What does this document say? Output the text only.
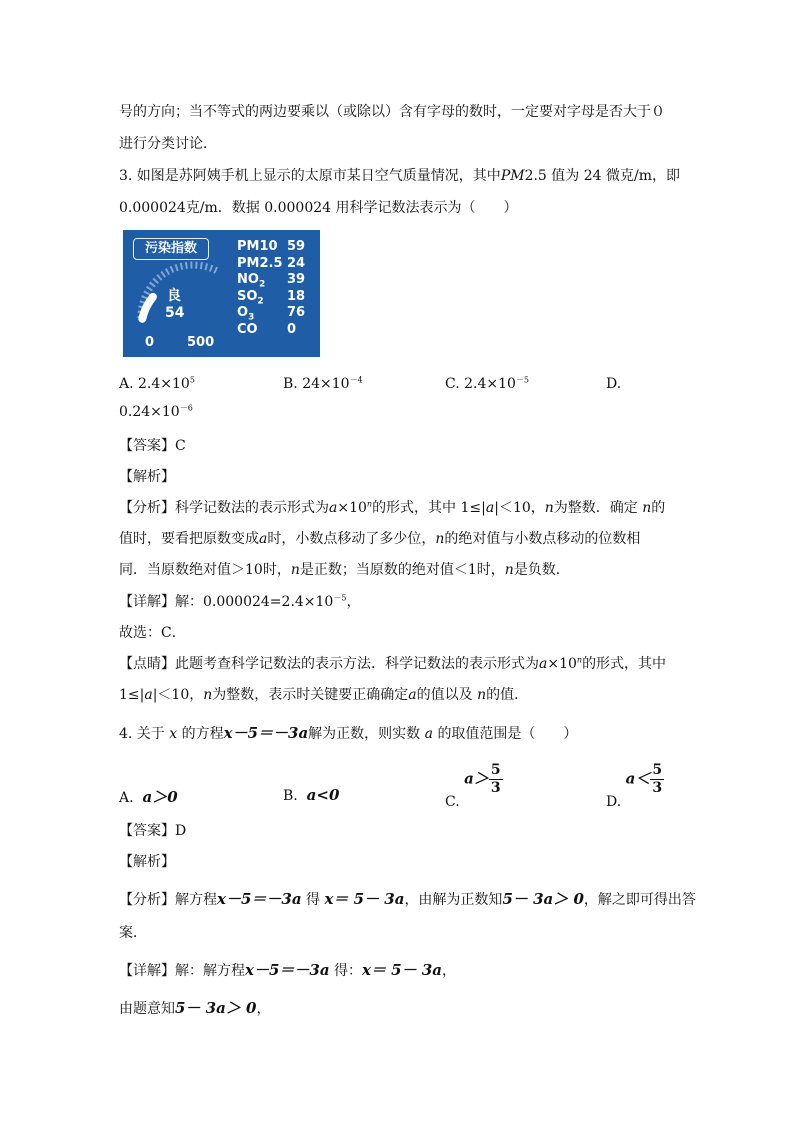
号的方向；当不等式的两边要乘以（或除以）含有字母的数时，一定要对字母是否大于０
进行分类讨论．
3. 如图是苏阿姨手机上显示的太原市某日空气质量情况，其中PM2.5 值为 24 微克/m，即
0.000024克/m．数据 0.000024 用科学记数法表示为（　　）
污染指数
良
54
0	500
PM10 59
PM2.5 24
$NO_2$ 39
$SO_2$ 18
$O_3$	76
CO 0
A. $2.4\times 10^5$	B. $24\times 10^{-4}$	C. $2.4\times 10^{-5}$	D.
$0.24\times 10^{-6}$
【答案】C
【解析】
【分析】科学记数法的表示形式为$a\times 10^n$的形式，其中 1≤|a|＜10，n为整数．确定 n的
值时，要看把原数变成a时，小数点移动了多少位，n的绝对值与小数点移动的位数相
同．当原数绝对值＞10时，n是正数；当原数的绝对值＜1时，n是负数．
【详解】解：$0.000024=2.4\times 10^{-5}$，
故选：C．
【点睛】此题考查科学记数法的表示方法．科学记数法的表示形式为$a\times 10^n$的形式，其中
1≤|a|＜10，n为整数，表示时关键要正确确定a的值以及 n的值．
4. 关于 x 的方程x－5＝－3a解为正数，则实数 a 的取值范围是（　　）
A. a＞0	B. a<0	C. $a> \frac{5}{3}$
D. $a< \frac{5}{3}$
【答案】D
【解析】
【分析】解方程x－5＝－3a 得 x＝ 5－ 3a，由解为正数知5－ 3a＞ 0，解之即可得出答
案．
【详解】解：解方程x－5＝－3a 得：x＝ 5－ 3a，
由题意知5－ 3a＞ 0，
